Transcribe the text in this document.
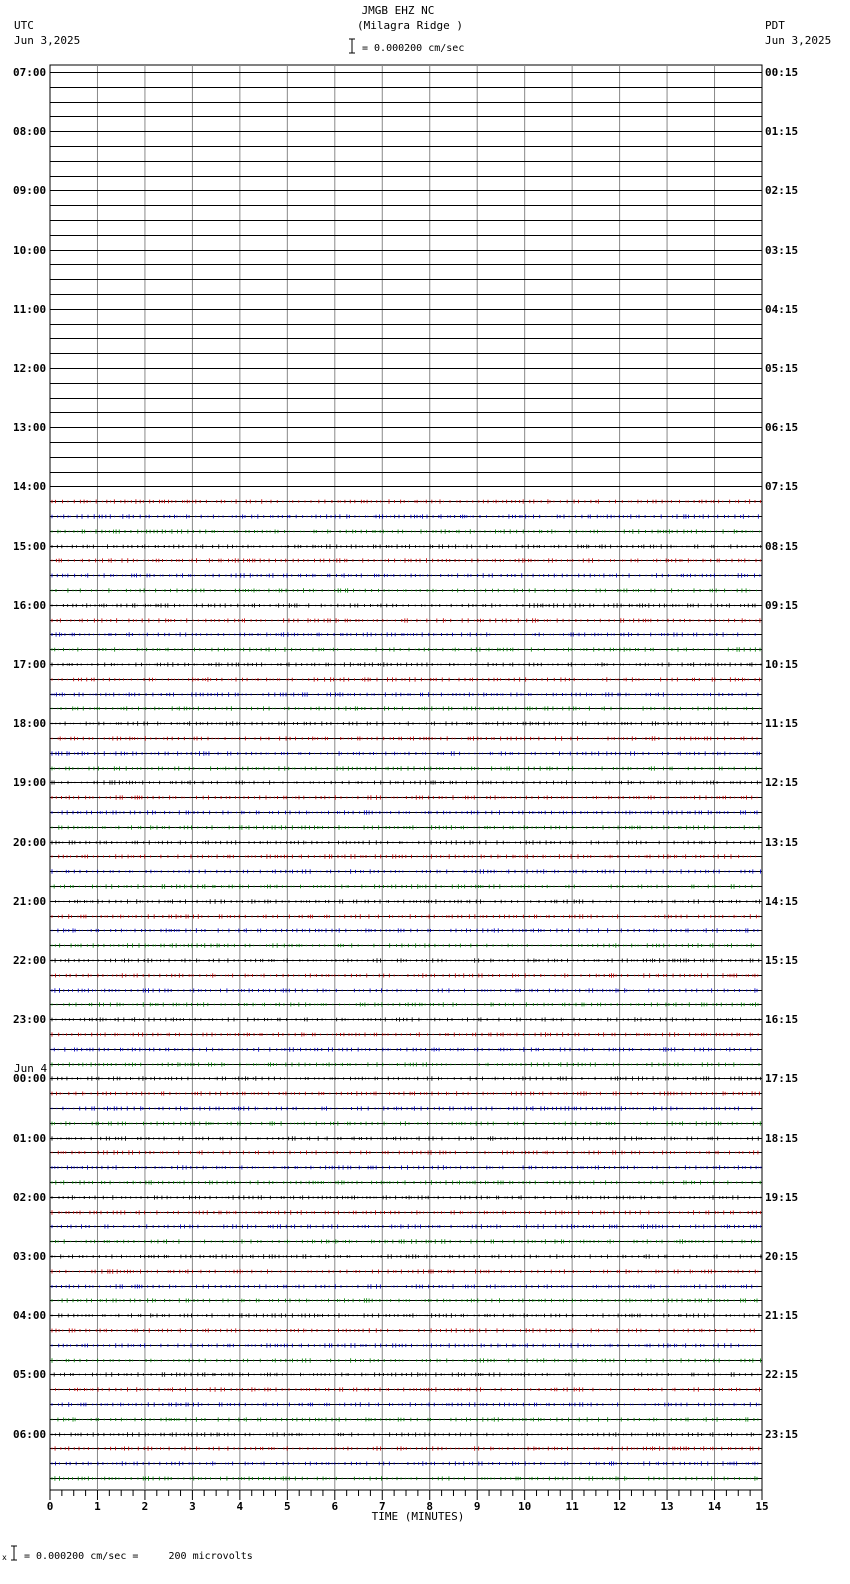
JMGB EHZ NC
(Milagra Ridge )
= 0.000200 cm/sec
UTC
Jun 3,2025
PDT
Jun 3,2025
07:00
08:00
09:00
10:00
11:00
12:00
13:00
14:00
15:00
16:00
17:00
18:00
19:00
20:00
21:00
22:00
23:00
00:00
01:00
02:00
03:00
04:00
05:00
06:00
00:15
01:15
02:15
03:15
04:15
05:15
06:15
07:15
08:15
09:15
10:15
11:15
12:15
13:15
14:15
15:15
16:15
17:15
18:15
19:15
20:15
21:15
22:15
23:15
Jun 4
0	1	2	3	4	5	6	7	8	9	10	11	12	13	14	15
TIME (MINUTES)
x = 0.000200 cm/sec =     200 microvolts
